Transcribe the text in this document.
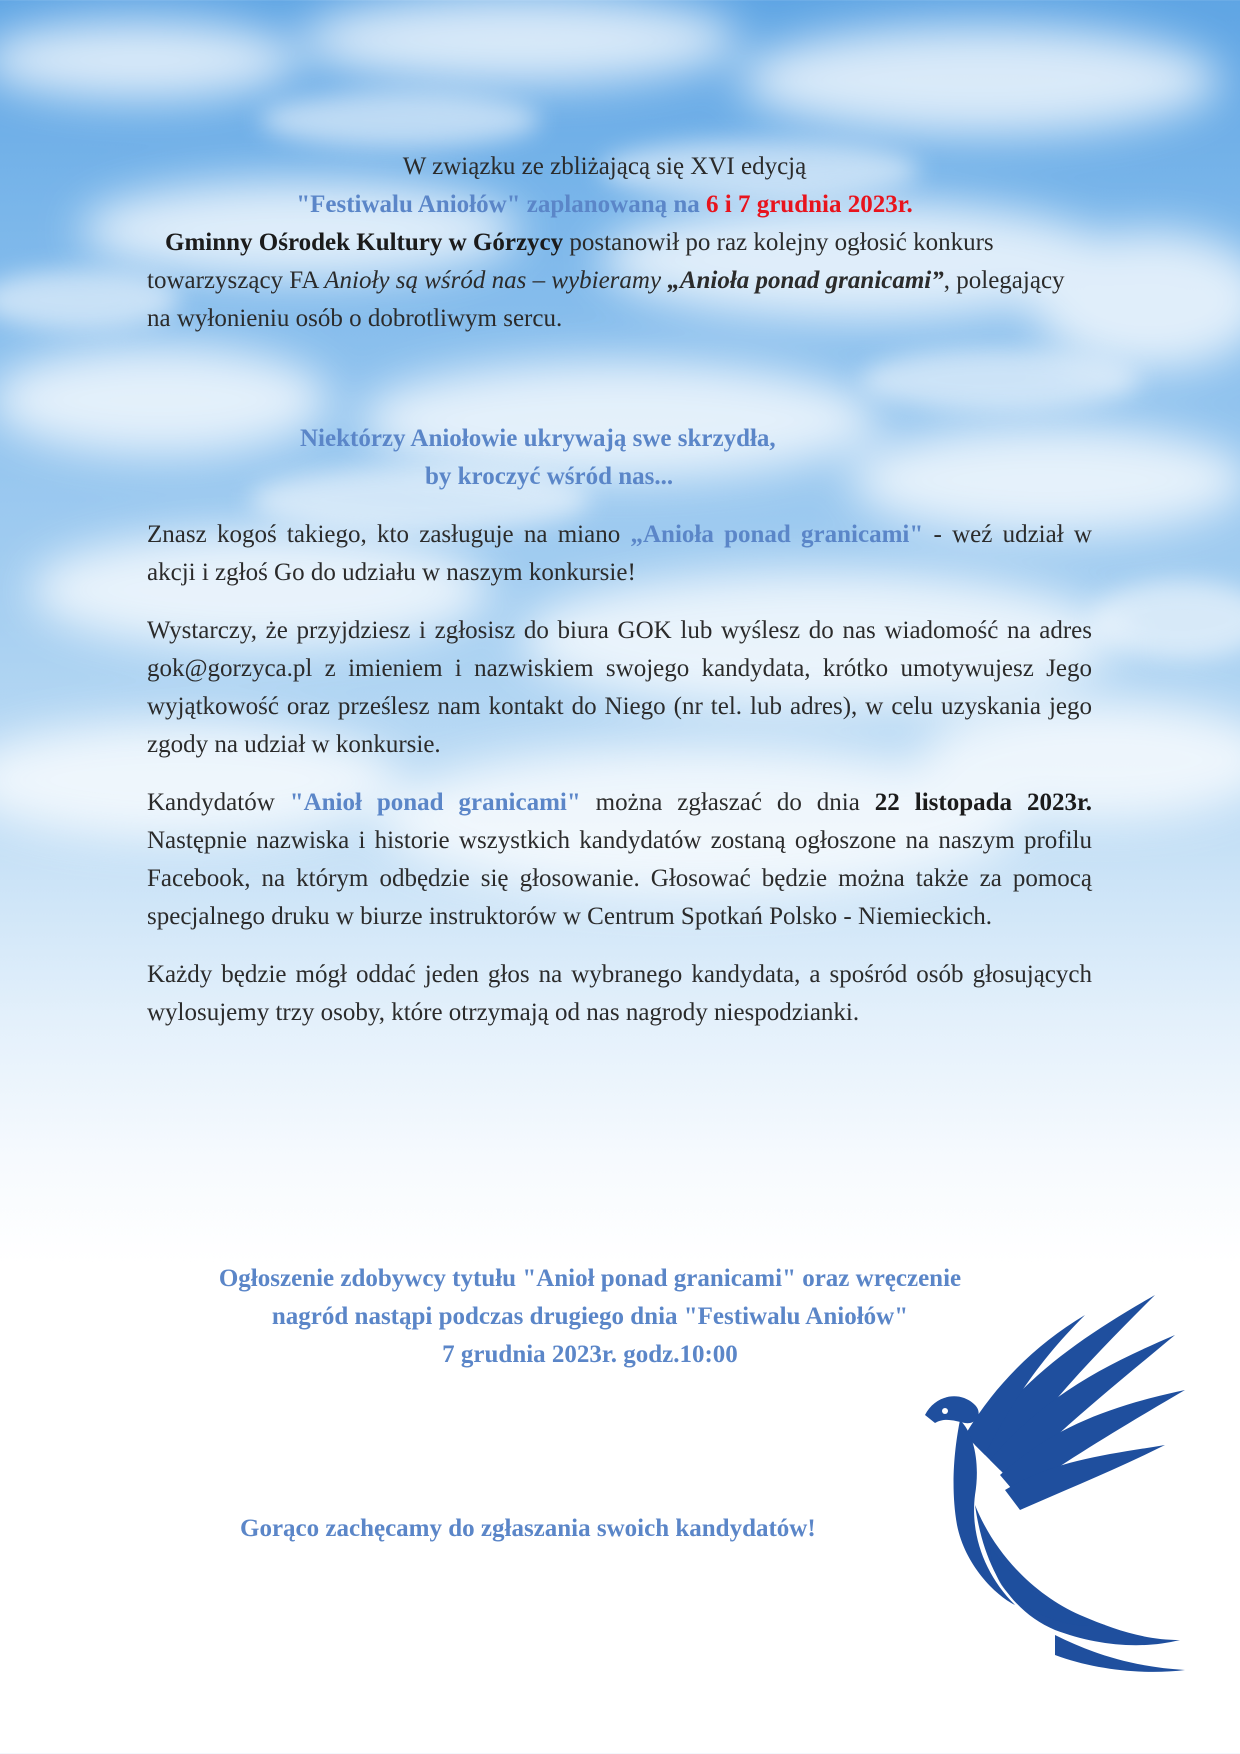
W związku ze zbliżającą się XVI edycją
"Festiwalu Aniołów" zaplanowaną na 6 i 7 grudnia 2023r.

Gminny Ośrodek Kultury w Górzycy postanowił po raz kolejny ogłosić konkurs towarzyszący FA Anioły są wśród nas – wybieramy „Anioła ponad granicami”, polegający na wyłonieniu osób o dobrotliwym sercu.

Niektórzy Aniołowie ukrywają swe skrzydła,
by kroczyć wśród nas...

Znasz kogoś takiego, kto zasługuje na miano „Anioła ponad granicami" - weź udział w akcji i zgłoś Go do udziału w naszym konkursie!

Wystarczy, że przyjdziesz i zgłosisz do biura GOK lub wyślesz do nas wiadomość na adres gok@gorzyca.pl z imieniem i nazwiskiem swojego kandydata, krótko umotywujesz Jego wyjątkowość oraz prześlesz nam kontakt do Niego (nr tel. lub adres), w celu uzyskania jego zgody na udział w konkursie.

Kandydatów "Anioł ponad granicami" można zgłaszać do dnia 22 listopada 2023r. Następnie nazwiska i historie wszystkich kandydatów zostaną ogłoszone na naszym profilu Facebook, na którym odbędzie się głosowanie. Głosować będzie można także za pomocą specjalnego druku w biurze instruktorów w Centrum Spotkań Polsko - Niemieckich.

Każdy będzie mógł oddać jeden głos na wybranego kandydata, a spośród osób głosujących wylosujemy trzy osoby, które otrzymają od nas nagrody niespodzianki.

Ogłoszenie zdobywcy tytułu "Anioł ponad granicami" oraz wręczenie
nagród nastąpi podczas drugiego dnia "Festiwalu Aniołów"
7 grudnia 2023r. godz.10:00
Gorąco zachęcamy do zgłaszania swoich kandydatów!
